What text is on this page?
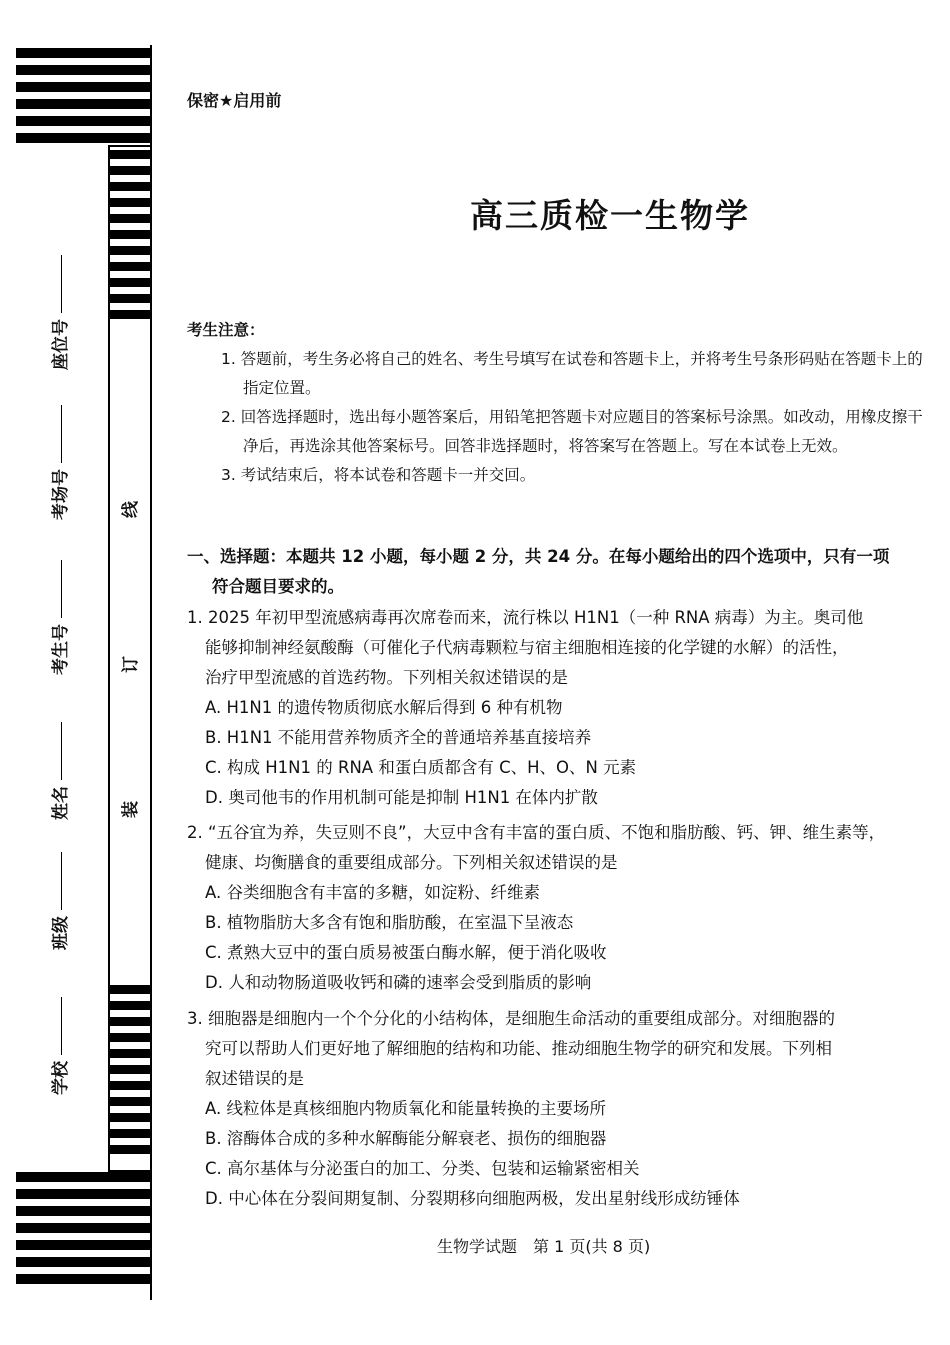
座位号
考场号
考生号
姓名
班级
学校
线
订
装
保密★启用前
高三质检一生物学
考生注意：
1. 答题前，考生务必将自己的姓名、考生号填写在试卷和答题卡上，并将考生号条形码贴在答题卡上的指定位置。
2. 回答选择题时，选出每小题答案后，用铅笔把答题卡对应题目的答案标号涂黑。如改动，用橡皮擦干净后，再选涂其他答案标号。回答非选择题时，将答案写在答题上。写在本试卷上无效。
3. 考试结束后，将本试卷和答题卡一并交回。
一、选择题：本题共 12 小题，每小题 2 分，共 24 分。在每小题给出的四个选项中，只有一项
符合题目要求的。
1. 2025 年初甲型流感病毒再次席卷而来，流行株以 H1N1（一种 RNA 病毒）为主。奥司他
能够抑制神经氨酸酶（可催化子代病毒颗粒与宿主细胞相连接的化学键的水解）的活性，
治疗甲型流感的首选药物。下列相关叙述错误的是
A. H1N1 的遗传物质彻底水解后得到 6 种有机物
B. H1N1 不能用营养物质齐全的普通培养基直接培养
C. 构成 H1N1 的 RNA 和蛋白质都含有 C、H、O、N 元素
D. 奥司他韦的作用机制可能是抑制 H1N1 在体内扩散
2. “五谷宜为养，失豆则不良”，大豆中含有丰富的蛋白质、不饱和脂肪酸、钙、钾、维生素等，
健康、均衡膳食的重要组成部分。下列相关叙述错误的是
A. 谷类细胞含有丰富的多糖，如淀粉、纤维素
B. 植物脂肪大多含有饱和脂肪酸，在室温下呈液态
C. 煮熟大豆中的蛋白质易被蛋白酶水解，便于消化吸收
D. 人和动物肠道吸收钙和磷的速率会受到脂质的影响
3. 细胞器是细胞内一个个分化的小结构体，是细胞生命活动的重要组成部分。对细胞器的
究可以帮助人们更好地了解细胞的结构和功能、推动细胞生物学的研究和发展。下列相
叙述错误的是
A. 线粒体是真核细胞内物质氧化和能量转换的主要场所
B. 溶酶体合成的多种水解酶能分解衰老、损伤的细胞器
C. 高尔基体与分泌蛋白的加工、分类、包装和运输紧密相关
D. 中心体在分裂间期复制、分裂期移向细胞两极，发出星射线形成纺锤体
生物学试题　第 1 页(共 8 页)
